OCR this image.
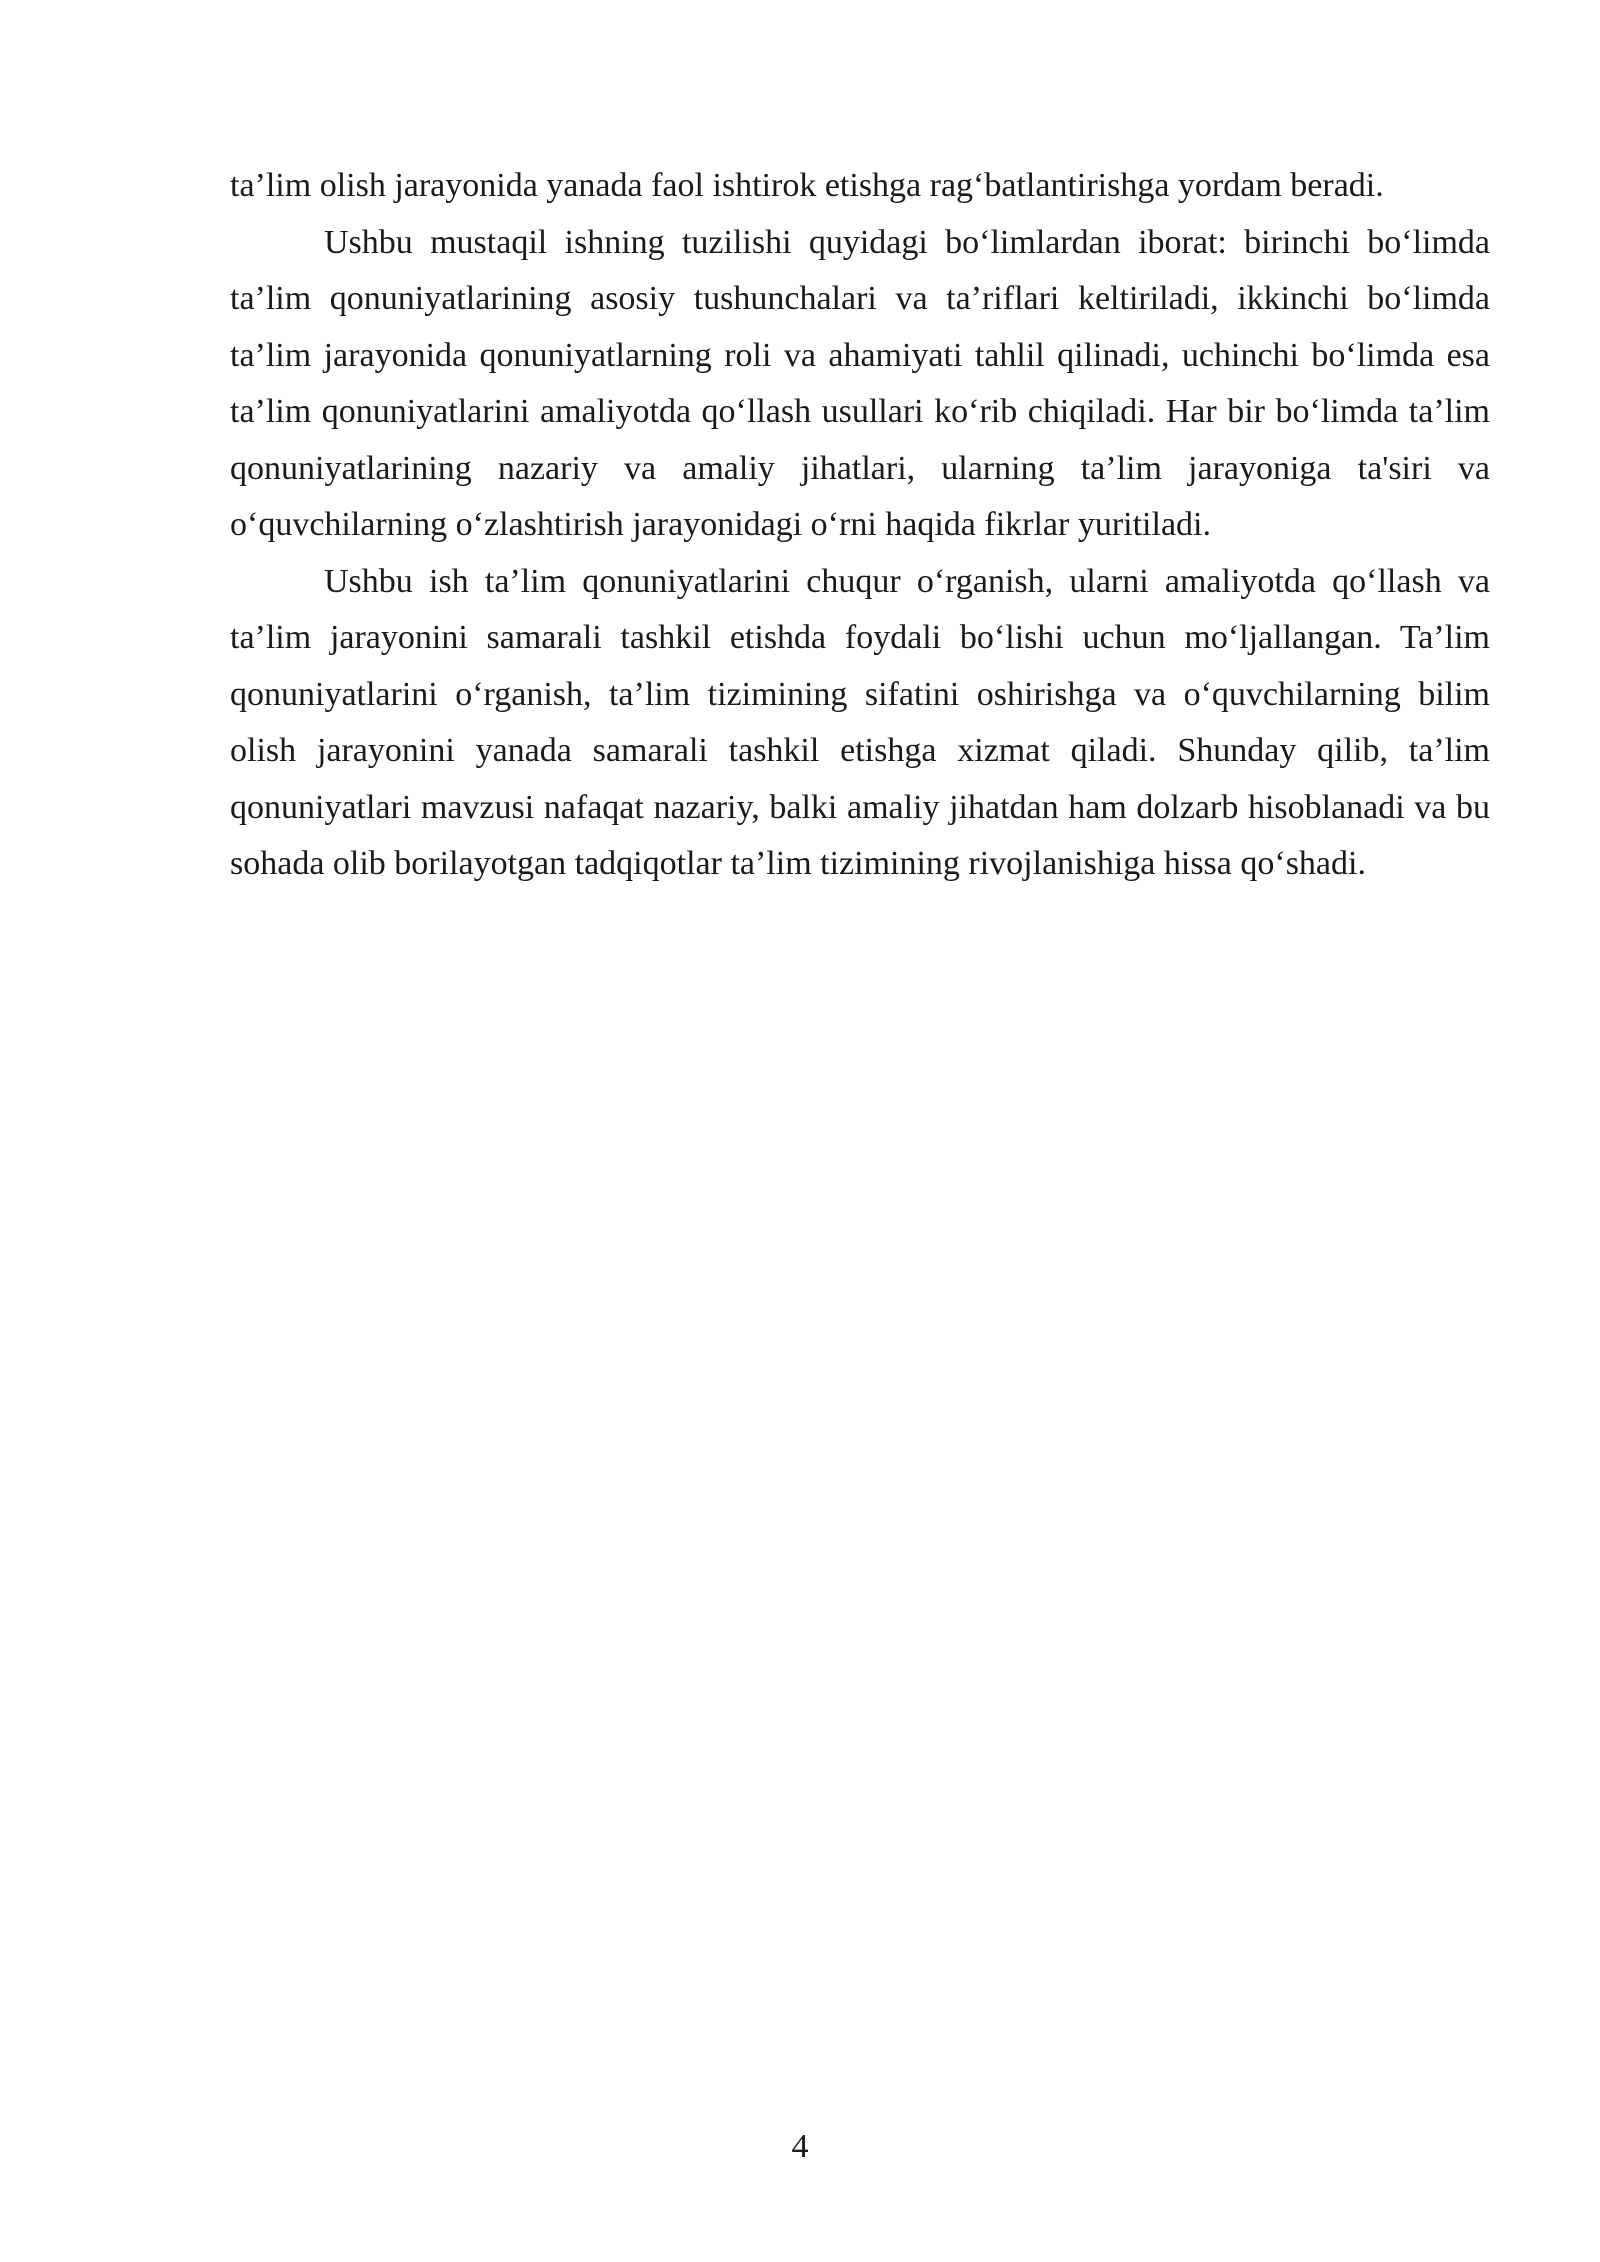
ta’lim olish jarayonida yanada faol ishtirok etishga rag‘batlantirishga yordam beradi.

Ushbu mustaqil ishning tuzilishi quyidagi bo‘limlardan iborat: birinchi bo‘limda ta’lim qonuniyatlarining asosiy tushunchalari va ta’riflari keltiriladi, ikkinchi bo‘limda ta’lim jarayonida qonuniyatlarning roli va ahamiyati tahlil qilinadi, uchinchi bo‘limda esa ta’lim qonuniyatlarini amaliyotda qo‘llash usullari ko‘rib chiqiladi. Har bir bo‘limda ta’lim qonuniyatlarining nazariy va amaliy jihatlari, ularning ta’lim jarayoniga ta'siri va o‘quvchilarning o‘zlashtirish jarayonidagi o‘rni haqida fikrlar yuritiladi.

Ushbu ish ta’lim qonuniyatlarini chuqur o‘rganish, ularni amaliyotda qo‘llash va ta’lim jarayonini samarali tashkil etishda foydali bo‘lishi uchun mo‘ljallangan. Ta’lim qonuniyatlarini o‘rganish, ta’lim tizimining sifatini oshirishga va o‘quvchilarning bilim olish jarayonini yanada samarali tashkil etishga xizmat qiladi. Shunday qilib, ta’lim qonuniyatlari mavzusi nafaqat nazariy, balki amaliy jihatdan ham dolzarb hisoblanadi va bu sohada olib borilayotgan tadqiqotlar ta’lim tizimining rivojlanishiga hissa qo‘shadi.

4
